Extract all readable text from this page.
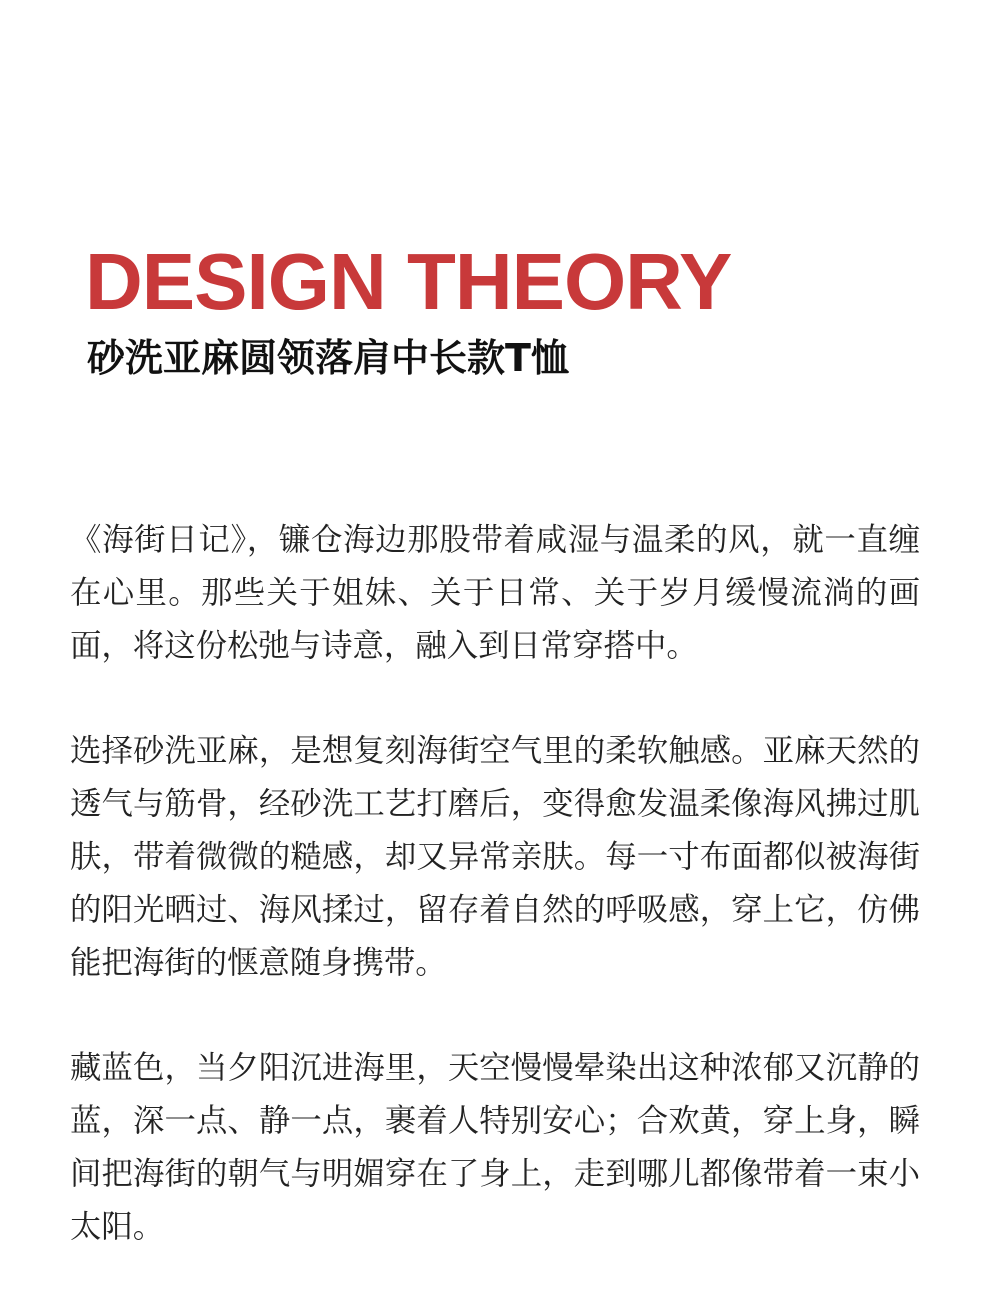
DESIGN THEORY
砂洗亚麻圆领落肩中长款T恤

《海街日记》，镰仓海边那股带着咸湿与温柔的风，就一直缠在心里。那些关于姐妹、关于日常、关于岁月缓慢流淌的画面，将这份松弛与诗意，融入到日常穿搭中。

选择砂洗亚麻，是想复刻海街空气里的柔软触感。亚麻天然的透气与筋骨，经砂洗工艺打磨后，变得愈发温柔像海风拂过肌肤，带着微微的糙感，却又异常亲肤。每一寸布面都似被海街的阳光晒过、海风揉过，留存着自然的呼吸感，穿上它，仿佛能把海街的惬意随身携带。

藏蓝色，当夕阳沉进海里，天空慢慢晕染出这种浓郁又沉静的蓝，深一点、静一点，裹着人特别安心；合欢黄，穿上身，瞬间把海街的朝气与明媚穿在了身上，走到哪儿都像带着一束小太阳。
